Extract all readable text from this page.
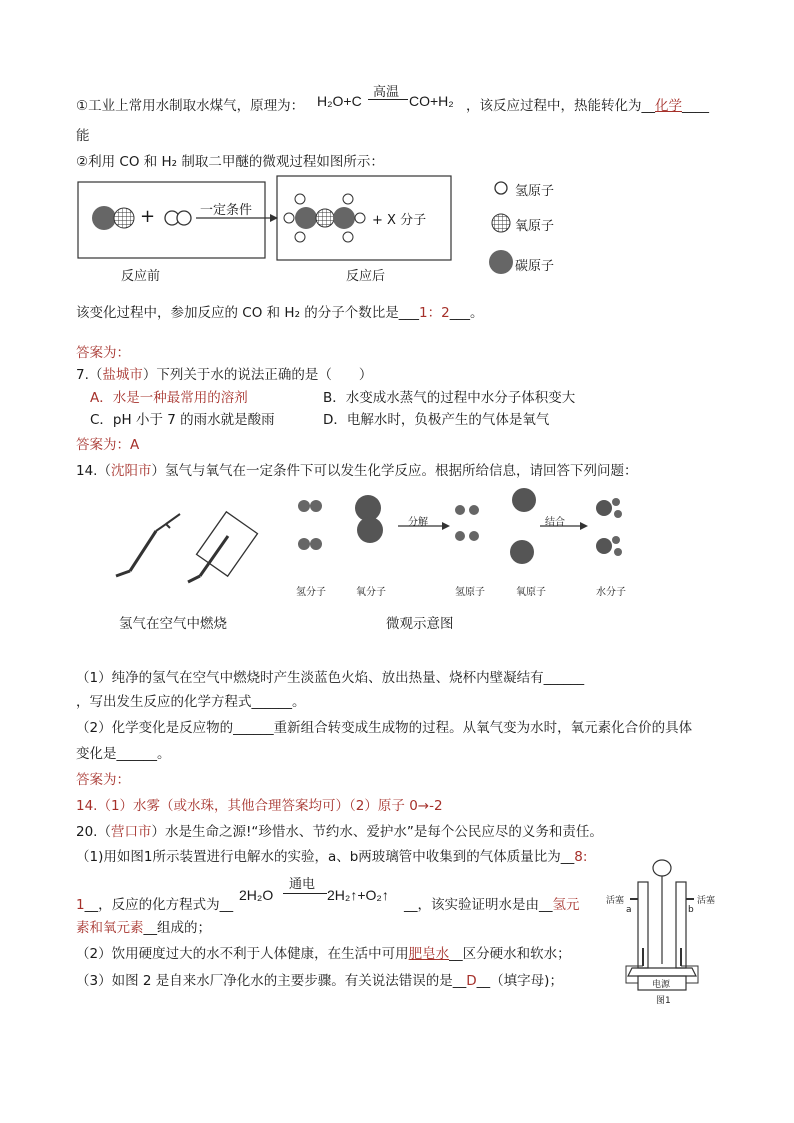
①工业上常用水制取水煤气，原理为： H₂O+C
高温
CO+H₂ ，该反应过程中，热能转化为__化学____
能
②利用 CO 和 H₂ 制取二甲醚的微观过程如图所示：
+	一定条件
+ X 分子
反应前	反应后
氢原子
氧原子
碳原子
该变化过程中，参加反应的 CO 和 H₂ 的分子个数比是___1：2___。
答案为：
7.（盐城市）下列关于水的说法正确的是（　　）
A．水是一种最常用的溶剂	B．水变成水蒸气的过程中水分子体积变大
C．pH 小于 7 的雨水就是酸雨	D．电解水时，负极产生的气体是氧气
答案为：A
14.（沈阳市）氢气与氧气在一定条件下可以发生化学反应。根据所给信息，请回答下列问题：
分解	结合
氢分子	氧分子	氢原子	氧原子	水分子
氢气在空气中燃烧	微观示意图
（1）纯净的氢气在空气中燃烧时产生淡蓝色火焰、放出热量、烧杯内壁凝结有______
，写出发生反应的化学方程式______。
（2）化学变化是反应物的______重新组合转变成生成物的过程。从氧气变为水时，氧元素化合价的具体
变化是______。
答案为：
14.（1）水雾（或水珠，其他合理答案均可）（2）原子 0→-2
20.（营口市）水是生命之源!“珍惜水、节约水、爱护水”是每个公民应尽的义务和责任。
（1)用如图1所示装置进行电解水的实验，a、b两玻璃管中收集到的气体质量比为__8:
1__，反应的化方程式为__
2H₂O
通电
2H₂↑+O₂↑
__，该实验证明水是由__氢元
素和氧元素__组成的；
（2）饮用硬度过大的水不利于人体健康，在生活中可用肥皂水__区分硬水和软水；
（3）如图 2 是自来水厂净化水的主要步骤。有关说法错误的是__D__（填字母)；
活塞	活塞
a	b
电源
图1
